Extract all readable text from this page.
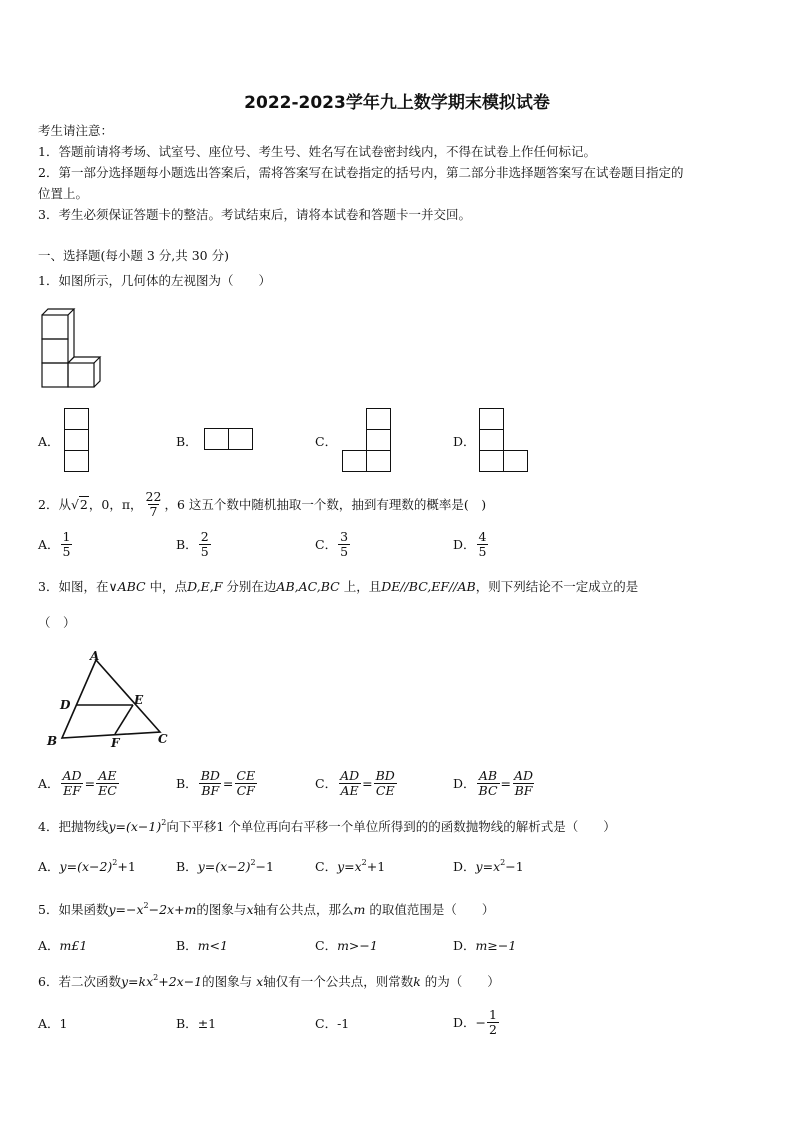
2022-2023学年九上数学期末模拟试卷
考生请注意：
1．答题前请将考场、试室号、座位号、考生号、姓名写在试卷密封线内，不得在试卷上作任何标记。
2．第一部分选择题每小题选出答案后，需将答案写在试卷指定的括号内，第二部分非选择题答案写在试卷题目指定的
位置上。
3．考生必须保证答题卡的整洁。考试结束后，请将本试卷和答题卡一并交回。
一、选择题(每小题 3 分,共 30 分)
1．如图所示，几何体的左视图为（　　）
A．	B．	C．	D．
2．从 √2 ，0，π， $\frac{22}{7}$ ，6 这五个数中随机抽取一个数，抽到有理数的概率是(　)
A． $\frac{1}{5}$	B． $\frac{2}{5}$	C． $\frac{3}{5}$	D． $\frac{4}{5}$
3．如图，在∨ABC 中，点D,E,F 分别在边AB,AC,BC 上，且DE//BC,EF//AB，则下列结论不一定成立的是
（　）
A
D	E
B	F	C
A． $\frac{AD}{EF} = \frac{AE}{EC}$	B． $\frac{BD}{BF} = \frac{CE}{CF}$	C． $\frac{AD}{AE} = \frac{BD}{CE}$	D． $\frac{AB}{BC} = \frac{AD}{BF}$
4．把抛物线$y=(x-1)^2$向下平移1 个单位再向右平移一个单位所得到的的函数抛物线的解析式是（　　）
A．$y=(x-2)^2+1$	B．$y=(x-2)^2-1$	C．$y=x^2+1$	D．$y=x^2-1$
5．如果函数$y=-x^2-2x+m$的图象与x轴有公共点，那么m 的取值范围是（　　）
A．m£1	B．m<1	C．m>−1	D．m≥−1
6．若二次函数$y=kx^2+2x-1$的图象与 x轴仅有一个公共点，则常数k 的为（　　）
A．1	B．±1	C．-1	D． − $\frac{1}{2}$
